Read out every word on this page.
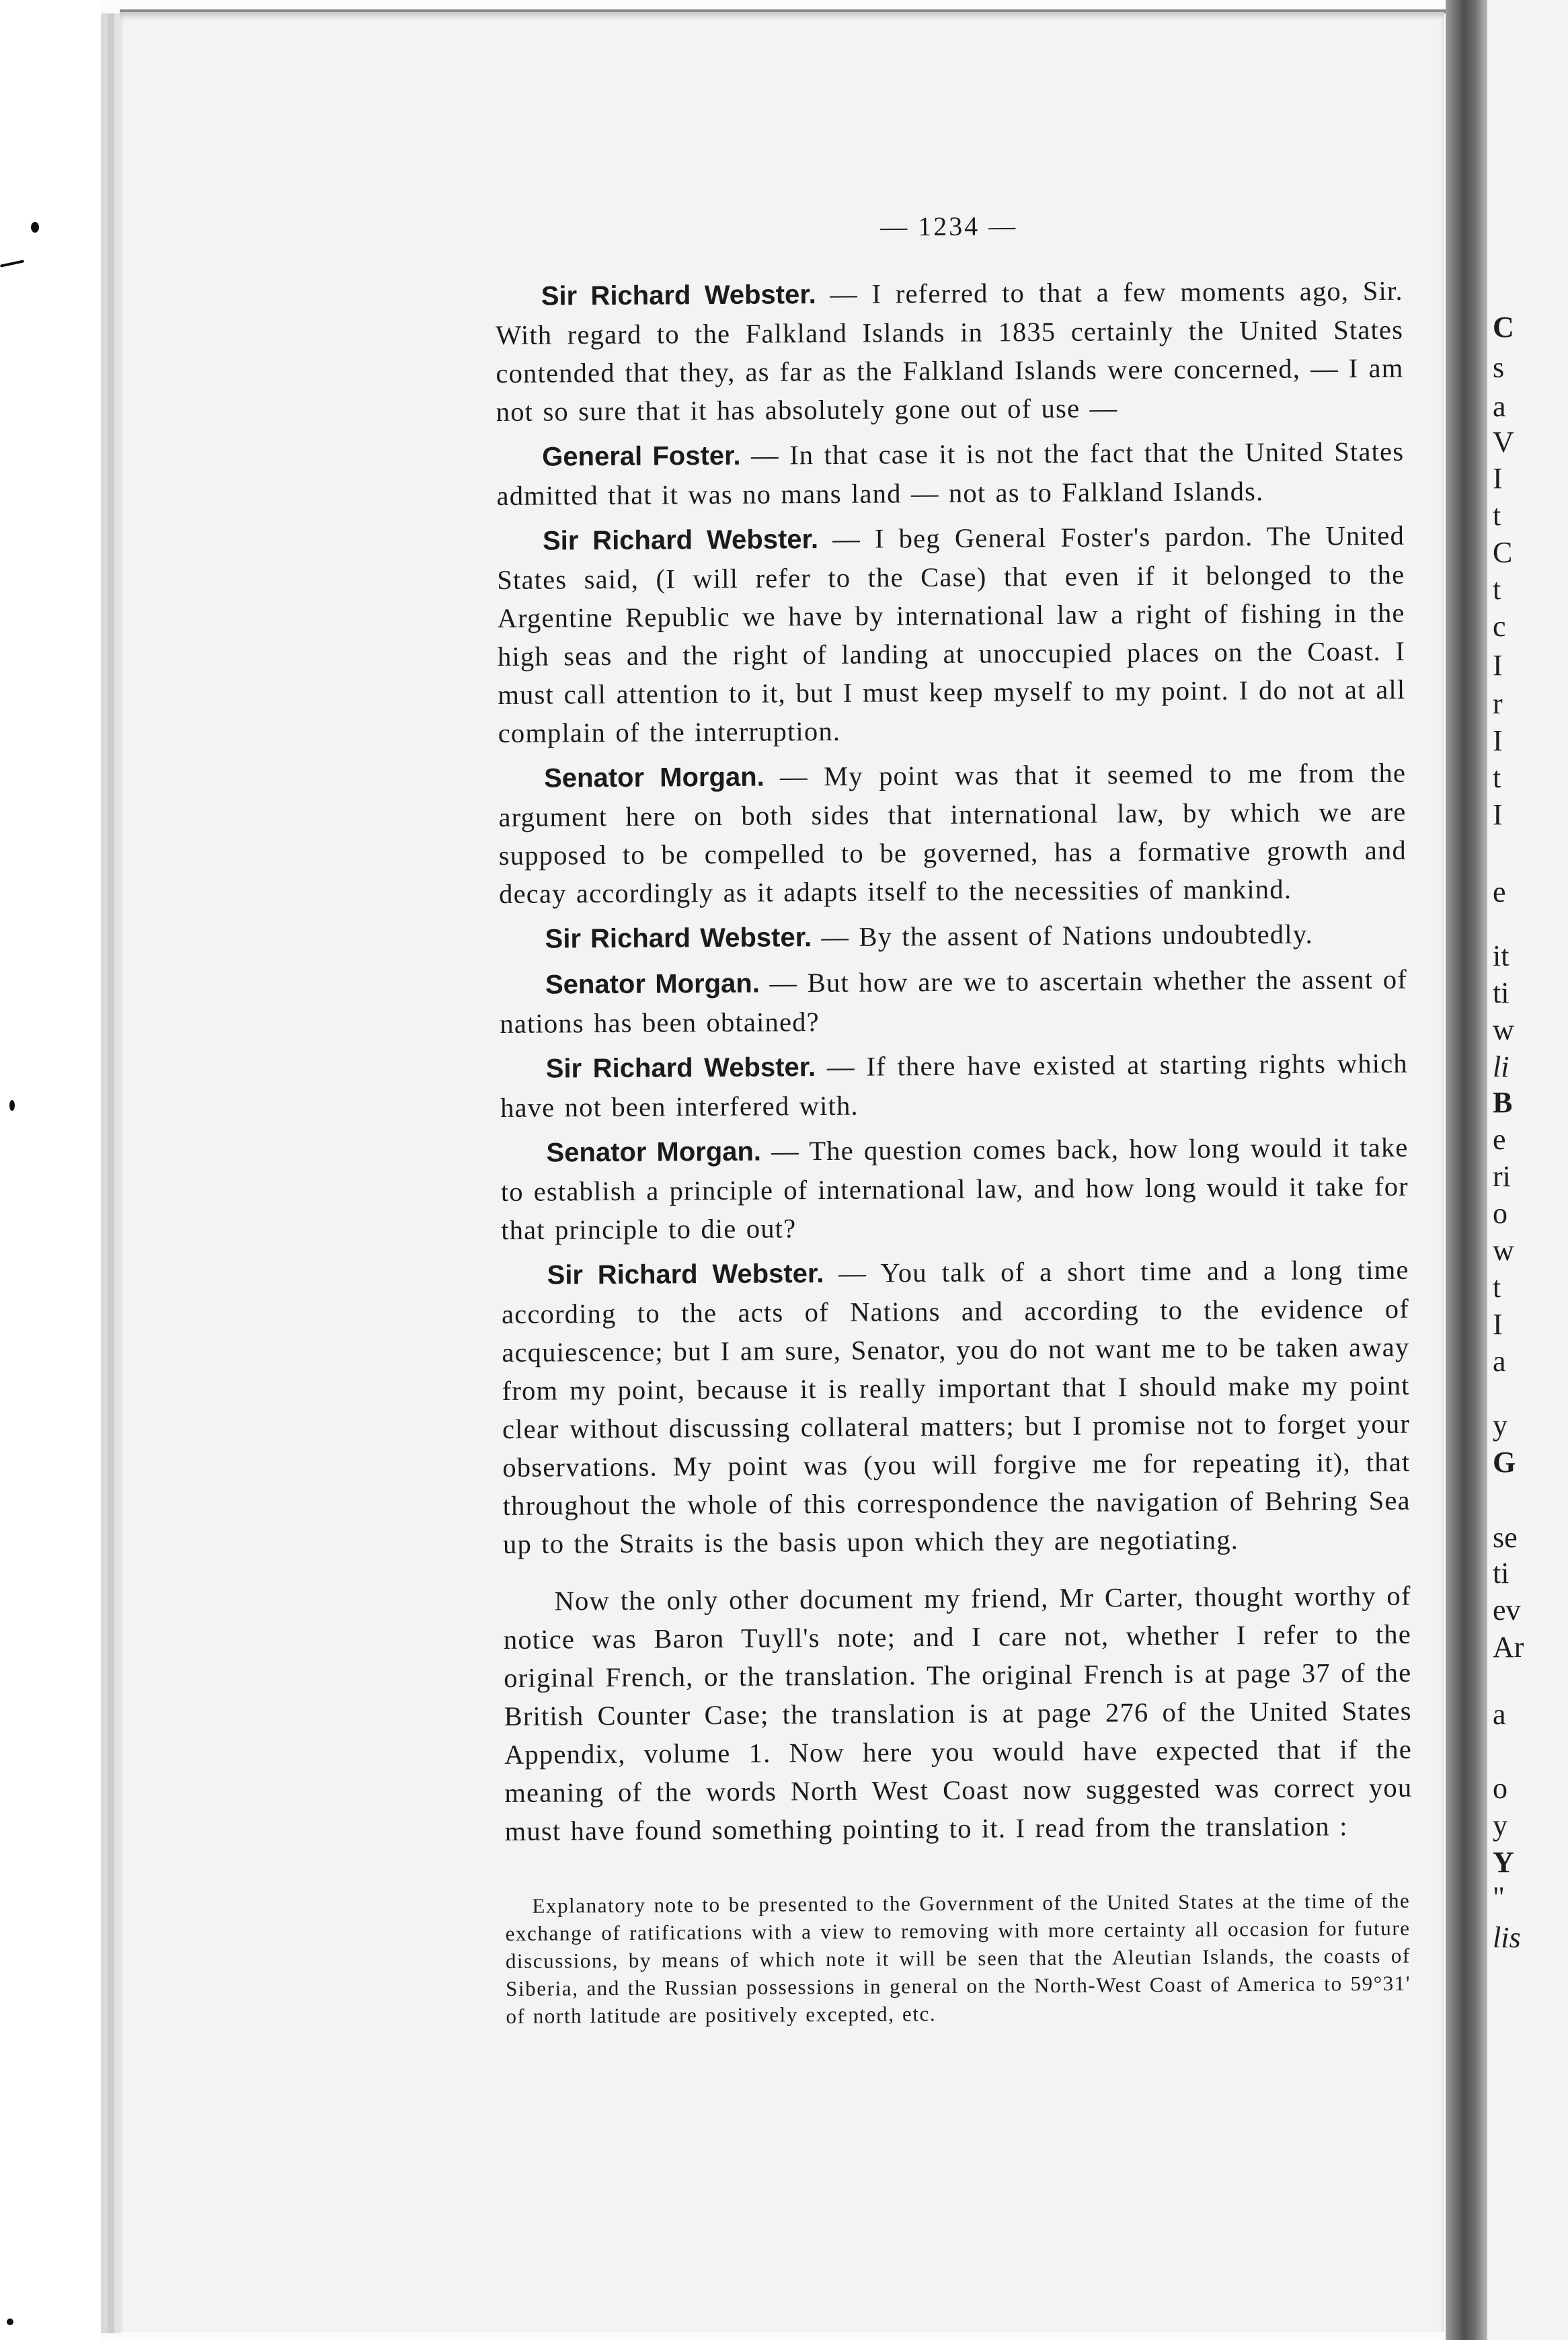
C
s
a
V
I
t
C
t
c
I
r
I
t
I
e
it
ti
w
li
B
e
ri
o
w
t
I
a
y
G
se
ti
ev
Ar
a
o
y
Y
"
lis
— 1234 —

Sir Richard Webster. — I referred to that a few moments ago, Sir. With regard to the Falkland Islands in 1835 certainly the United States contended that they, as far as the Falkland Islands were concerned, — I am not so sure that it has absolutely gone out of use —

General Foster. — In that case it is not the fact that the United States admitted that it was no mans land — not as to Falkland Islands.

Sir Richard Webster. — I beg General Foster's pardon. The United States said, (I will refer to the Case) that even if it belonged to the Argentine Republic we have by international law a right of fishing in the high seas and the right of landing at unoccupied places on the Coast. I must call attention to it, but I must keep myself to my point. I do not at all complain of the interruption.

Senator Morgan. — My point was that it seemed to me from the argument here on both sides that international law, by which we are supposed to be compelled to be governed, has a formative growth and decay accordingly as it adapts itself to the necessities of mankind.

Sir Richard Webster. — By the assent of Nations undoubtedly.

Senator Morgan. — But how are we to ascertain whether the assent of nations has been obtained?

Sir Richard Webster. — If there have existed at starting rights which have not been interfered with.

Senator Morgan. — The question comes back, how long would it take to establish a principle of international law, and how long would it take for that principle to die out?

Sir Richard Webster. — You talk of a short time and a long time according to the acts of Nations and according to the evidence of acquiescence; but I am sure, Senator, you do not want me to be taken away from my point, because it is really important that I should make my point clear without discussing collateral matters; but I promise not to forget your observations. My point was (you will forgive me for repeating it), that throughout the whole of this correspondence the navigation of Behring Sea up to the Straits is the basis upon which they are negotiating.

Now the only other document my friend, Mr Carter, thought worthy of notice was Baron Tuyll's note; and I care not, whether I refer to the original French, or the translation. The original French is at page 37 of the British Counter Case; the translation is at page 276 of the United States Appendix, volume 1. Now here you would have expected that if the meaning of the words North West Coast now suggested was correct you must have found something pointing to it. I read from the translation :

Explanatory note to be presented to the Government of the United States at the time of the exchange of ratifications with a view to removing with more certainty all occasion for future discussions, by means of which note it will be seen that the Aleutian Islands, the coasts of Siberia, and the Russian possessions in general on the North-West Coast of America to 59°31' of north latitude are positively excepted, etc.
